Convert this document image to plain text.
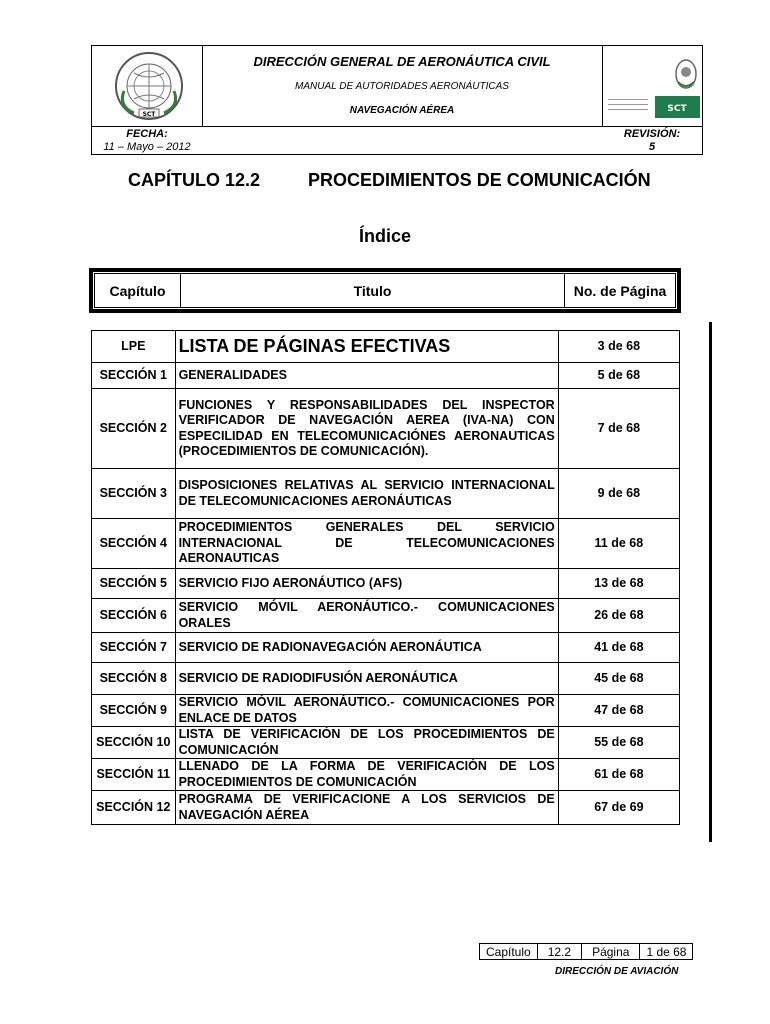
SCT
DIRECCIÓN GENERAL DE AERONÁUTICA CIVIL
MANUAL DE AUTORIDADES AERONÁUTICAS
NAVEGACIÓN AÉREA	SCT
FECHA:
11 – Mayo – 2012
REVISIÓN:
5
CAPÍTULO 12.2	PROCEDIMIENTOS DE COMUNICACIÓN
Índice
Capítulo	Titulo	No. de Página
LPE	LISTA DE PÁGINAS EFECTIVAS	3 de 68
SECCIÓN 1	GENERALIDADES	5 de 68
SECCIÓN 2	FUNCIONES Y RESPONSABILIDADES DEL INSPECTOR VERIFICADOR DE NAVEGACIÓN AEREA (IVA-NA) CON ESPECILIDAD EN TELECOMUNICACIÓNES AERONAUTICAS (PROCEDIMIENTOS DE COMUNICACIÓN).	7 de 68
SECCIÓN 3	DISPOSICIONES RELATIVAS AL SERVICIO INTERNACIONAL DE TELECOMUNICACIONES AERONÁUTICAS	9 de 68
SECCIÓN 4	PROCEDIMIENTOS GENERALES DEL SERVICIO INTERNACIONAL DE TELECOMUNICACIONES AERONAUTICAS	11 de 68
SECCIÓN 5	SERVICIO FIJO AERONÁUTICO (AFS)	13 de 68
SECCIÓN 6	SERVICIO MÓVIL AERONÁUTICO.- COMUNICACIONES ORALES	26 de 68
SECCIÓN 7	SERVICIO DE RADIONAVEGACIÓN AERONÁUTICA	41 de 68
SECCIÓN 8	SERVICIO DE RADIODIFUSIÓN AERONÁUTICA	45 de 68
SECCIÓN 9	SERVICIO MÓVIL AERONÁUTICO.- COMUNICACIONES POR ENLACE DE DATOS	47 de 68
SECCIÓN 10	LISTA DE VERIFICACIÓN DE LOS PROCEDIMIENTOS DE COMUNICACIÓN	55 de 68
SECCIÓN 11	LLENADO DE LA FORMA DE VERIFICACIÓN DE LOS PROCEDIMIENTOS DE COMUNICACIÓN	61 de 68
SECCIÓN 12	PROGRAMA DE VERIFICACIONE A LOS SERVICIOS DE NAVEGACIÓN AÉREA	67 de 69
Capítulo	12.2	Página	1 de 68
DIRECCIÓN DE AVIACIÓN
